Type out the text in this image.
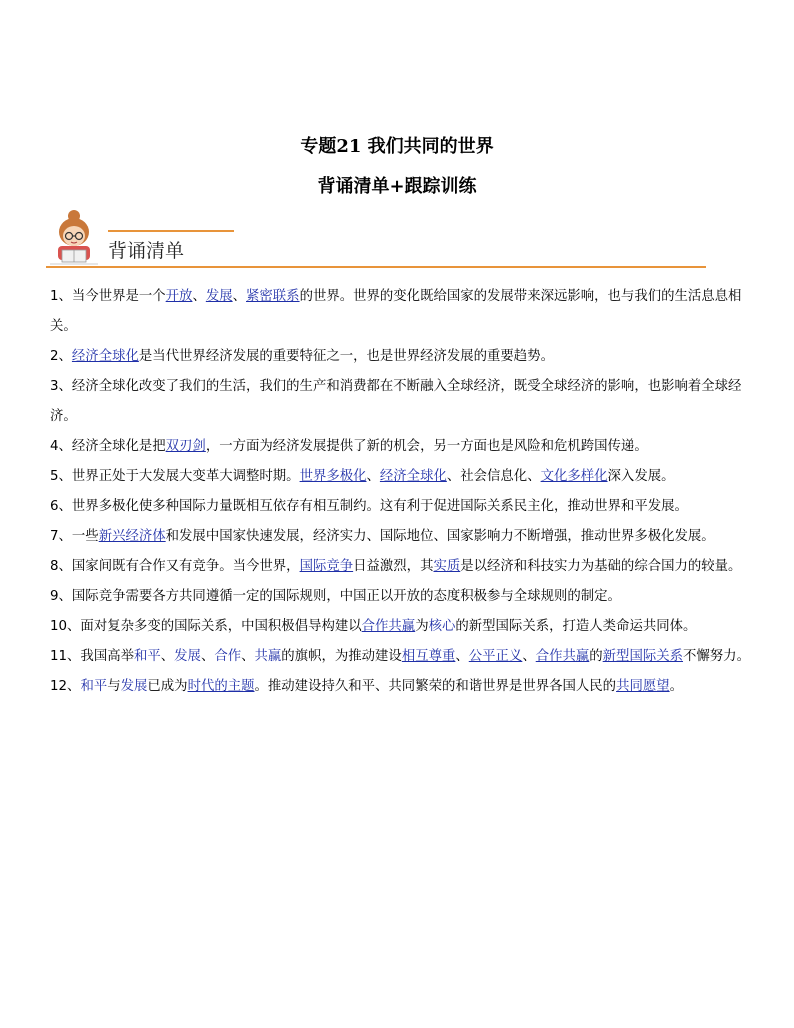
专题21 我们共同的世界
背诵清单+跟踪训练
背诵清单
1、当今世界是一个开放、发展、紧密联系的世界。世界的变化既给国家的发展带来深远影响，也与我们的生活息息相关。
2、经济全球化是当代世界经济发展的重要特征之一，也是世界经济发展的重要趋势。
3、经济全球化改变了我们的生活，我们的生产和消费都在不断融入全球经济，既受全球经济的影响，也影响着全球经济。
4、经济全球化是把双刃剑，一方面为经济发展提供了新的机会，另一方面也是风险和危机跨国传递。
5、世界正处于大发展大变革大调整时期。世界多极化、经济全球化、社会信息化、文化多样化深入发展。
6、世界多极化使多种国际力量既相互依存有相互制约。这有利于促进国际关系民主化，推动世界和平发展。
7、一些新兴经济体和发展中国家快速发展，经济实力、国际地位、国家影响力不断增强，推动世界多极化发展。
8、国家间既有合作又有竞争。当今世界，国际竞争日益激烈，其实质是以经济和科技实力为基础的综合国力的较量。
9、国际竞争需要各方共同遵循一定的国际规则，中国正以开放的态度积极参与全球规则的制定。
10、面对复杂多变的国际关系，中国积极倡导构建以合作共赢为核心的新型国际关系，打造人类命运共同体。
11、我国高举和平、发展、合作、共赢的旗帜，为推动建设相互尊重、公平正义、合作共赢的新型国际关系不懈努力。
12、和平与发展已成为时代的主题。推动建设持久和平、共同繁荣的和谐世界是世界各国人民的共同愿望。
